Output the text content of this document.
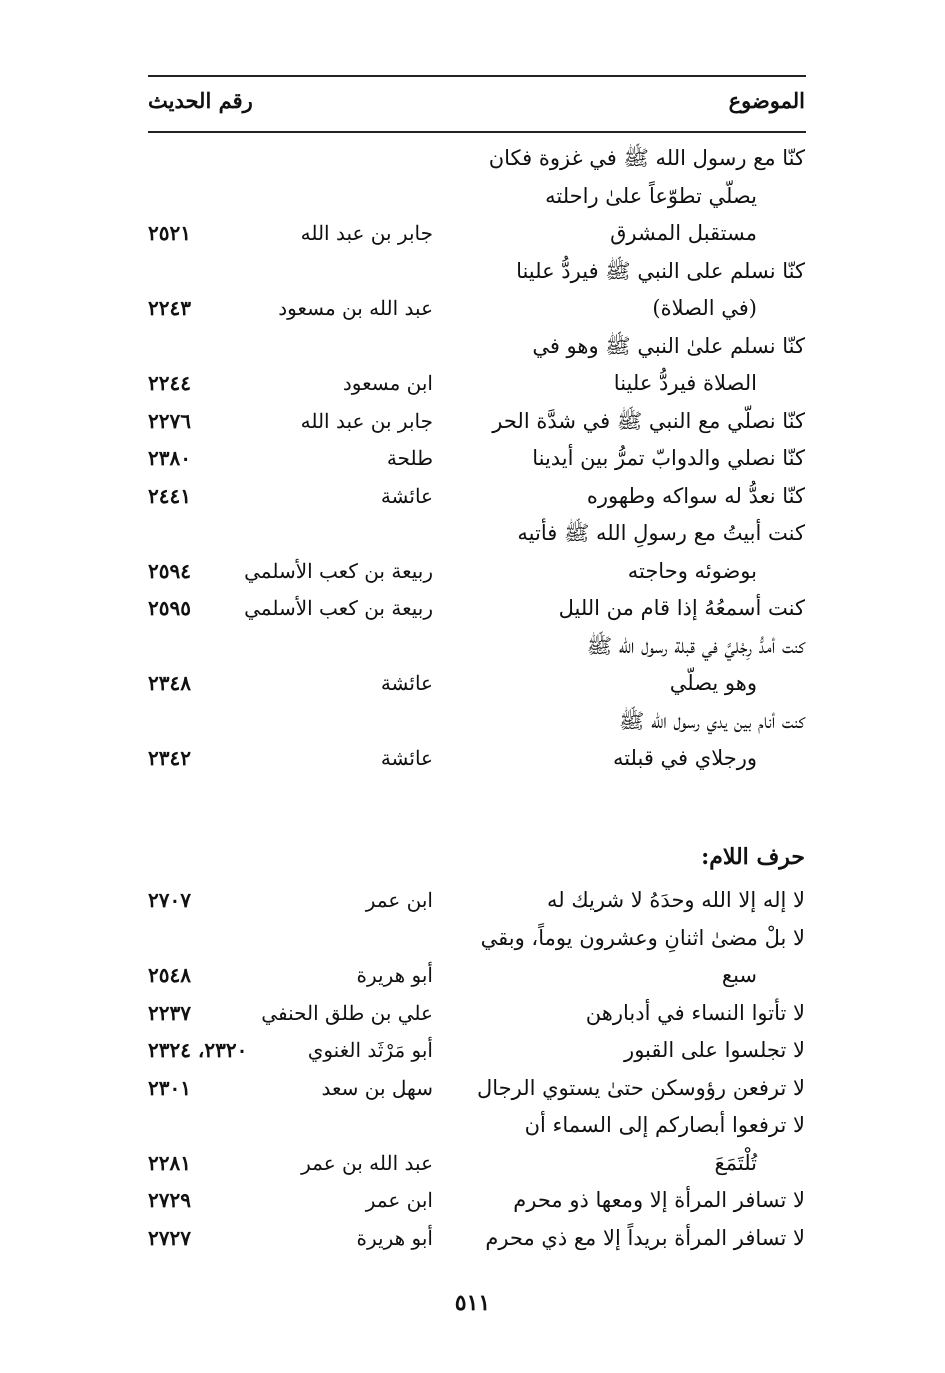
الموضوع
رقم الحديث
كنّا مع رسول الله ﷺ في غزوة فكان
يصلّي تطوّعاً علىٰ راحلته
مستقبل المشرق
جابر بن عبد الله
٢٥٢١
كنّا نسلم على النبي ﷺ فيردُّ علينا
(في الصلاة)
عبد الله بن مسعود
٢٢٤٣
كنّا نسلم علىٰ النبي ﷺ وهو في
الصلاة فيردُّ علينا
ابن مسعود
٢٢٤٤
كنّا نصلّي مع النبي ﷺ في شدَّة الحر
جابر بن عبد الله
٢٢٧٦
كنّا نصلي والدوابّ تمرُّ بين أيدينا
طلحة
٢٣٨٠
كنّا نعدُّ له سواكه وطهوره
عائشة
٢٤٤١
كنت أبيتُ مع رسولِ الله ﷺ فأتيه
بوضوئه وحاجته
ربيعة بن كعب الأسلمي
٢٥٩٤
كنت أسمعُهُ إذا قام من الليل
ربيعة بن كعب الأسلمي
٢٥٩٥
كنت أمدُّ رِجْليَّ في قبلة رسول الله ﷺ
وهو يصلّي
عائشة
٢٣٤٨
كنت أنام بين يدي رسول الله ﷺ
ورجلاي في قبلته
عائشة
٢٣٤٢
حرف اللام:
لا إله إلا الله وحدَهُ لا شريك له
ابن عمر
٢٧٠٧
لا بلْ مضىٰ اثنانِ وعشرون يوماً، وبقي
سبع
أبو هريرة
٢٥٤٨
لا تأتوا النساء في أدبارهن
علي بن طلق الحنفي
٢٢٣٧
لا تجلسوا على القبور
أبو مَرْثَد الغنوي
٢٣٢٠، ٢٣٢٤
لا ترفعن رؤوسكن حتىٰ يستوي الرجال
سهل بن سعد
٢٣٠١
لا ترفعوا أبصاركم إلى السماء أن
تُلْتَمَعَ
عبد الله بن عمر
٢٢٨١
لا تسافر المرأة إلا ومعها ذو محرم
ابن عمر
٢٧٢٩
لا تسافر المرأة بريداً إلا مع ذي محرم
أبو هريرة
٢٧٢٧
٥١١
